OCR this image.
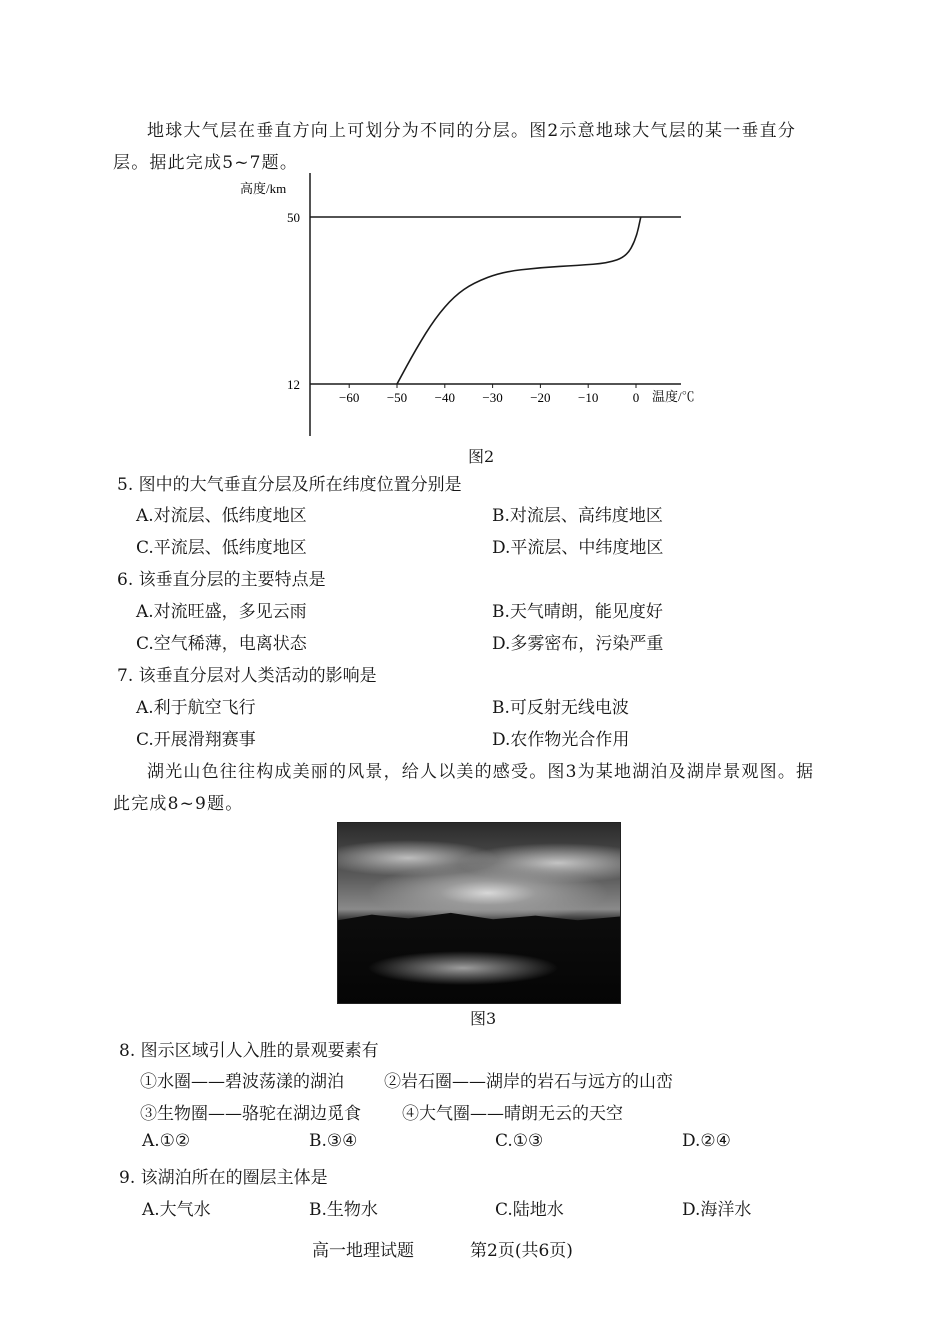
地球大气层在垂直方向上可划分为不同的分层。图2示意地球大气层的某一垂直分
层。据此完成5~7题。
高度/km
50
12
−60 −50 −40 −30 −20 −10	0 温度/℃
图2
5. 图中的大气垂直分层及所在纬度位置分别是
A.对流层、低纬度地区	B.对流层、高纬度地区
C.平流层、低纬度地区	D.平流层、中纬度地区
6. 该垂直分层的主要特点是
A.对流旺盛，多见云雨	B.天气晴朗，能见度好
C.空气稀薄，电离状态	D.多雾密布，污染严重
7. 该垂直分层对人类活动的影响是
A.利于航空飞行	B.可反射无线电波
C.开展滑翔赛事	D.农作物光合作用
湖光山色往往构成美丽的风景，给人以美的感受。图3为某地湖泊及湖岸景观图。据
此完成8~9题。
图3
8. 图示区域引人入胜的景观要素有
①水圈——碧波荡漾的湖泊 ②岩石圈——湖岸的岩石与远方的山峦
③生物圈——骆驼在湖边觅食 ④大气圈——晴朗无云的天空
A.①②	B.③④	C.①③	D.②④
9. 该湖泊所在的圈层主体是
A.大气水	B.生物水	C.陆地水	D.海洋水
高一地理试题	第2页(共6页)
